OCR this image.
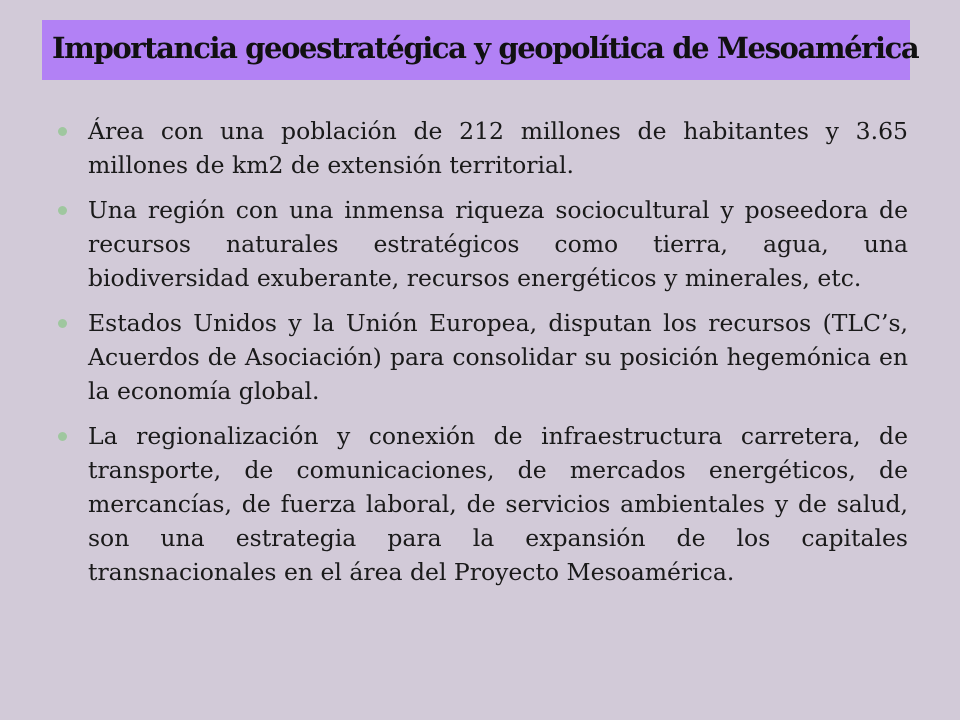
Importancia geoestratégica y geopolítica de Mesoamérica
Área con una población de 212 millones de habitantes y 3.65 millones de km2 de extensión territorial.
Una región con una inmensa riqueza sociocultural y poseedora de recursos naturales estratégicos como tierra, agua, una biodiversidad exuberante, recursos energéticos y minerales, etc.
Estados Unidos y la Unión Europea, disputan los recursos (TLC’s, Acuerdos de Asociación) para consolidar su posición hegemónica en la economía global.
La regionalización y conexión de infraestructura carretera, de transporte, de comunicaciones, de mercados energéticos, de mercancías, de fuerza laboral, de servicios ambientales y de salud, son una estrategia para la expansión de los capitales transnacionales en el área del Proyecto Mesoamérica.
